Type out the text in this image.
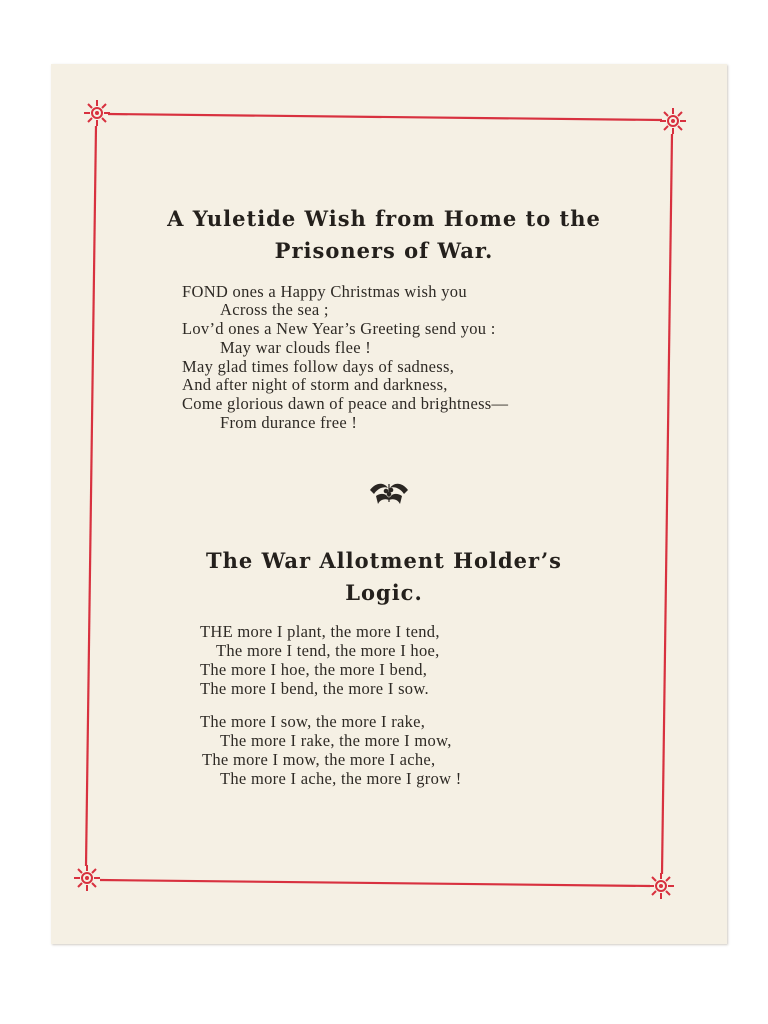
A Yuletide Wish from Home to the
Prisoners of War.
FOND ones a Happy Christmas wish you
Across the sea ;
Lov’d ones a New Year’s Greeting send you :
May war clouds flee !
May glad times follow days of sadness,
And after night of storm and darkness,
Come glorious dawn of peace and brightness—
From durance free !
The War Allotment Holder’s
Logic.
THE more I plant, the more I tend,
The more I tend, the more I hoe,
The more I hoe, the more I bend,
The more I bend, the more I sow.
The more I sow, the more I rake,
The more I rake, the more I mow,
The more I mow, the more I ache,
The more I ache, the more I grow !
